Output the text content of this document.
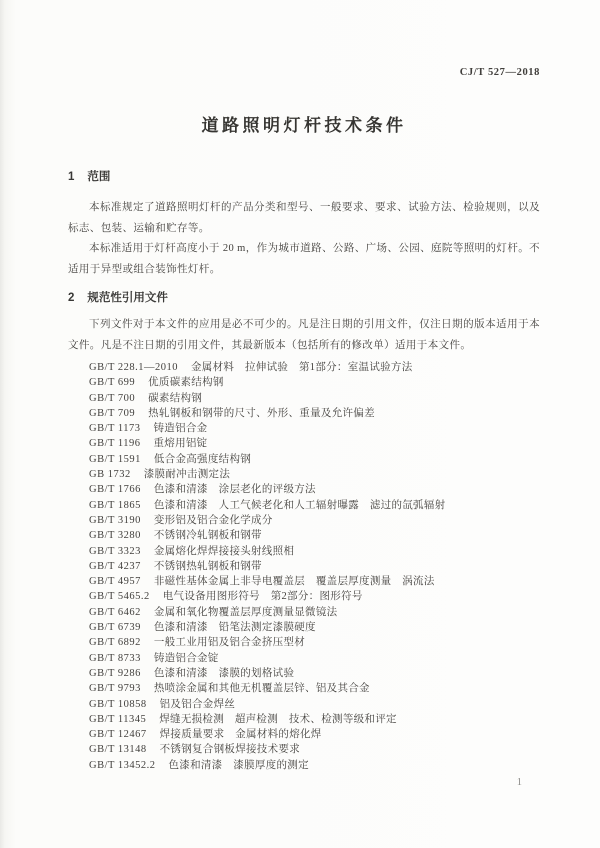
CJ/T 527—2018
道路照明灯杆技术条件
1 范围

本标准规定了道路照明灯杆的产品分类和型号、一般要求、要求、试验方法、检验规则，以及标志、包装、运输和贮存等。

本标准适用于灯杆高度小于 20 m，作为城市道路、公路、广场、公园、庭院等照明的灯杆。不适用于异型或组合装饰性灯杆。

2 规范性引用文件

下列文件对于本文件的应用是必不可少的。凡是注日期的引用文件，仅注日期的版本适用于本文件。凡是不注日期的引用文件，其最新版本（包括所有的修改单）适用于本文件。

GB/T 228.1—2010 金属材料　拉伸试验　第1部分：室温试验方法
GB/T 699 优质碳素结构钢
GB/T 700 碳素结构钢
GB/T 709 热轧钢板和钢带的尺寸、外形、重量及允许偏差
GB/T 1173 铸造铝合金
GB/T 1196 重熔用铝锭
GB/T 1591 低合金高强度结构钢
GB 1732 漆膜耐冲击测定法
GB/T 1766 色漆和清漆　涂层老化的评级方法
GB/T 1865 色漆和清漆　人工气候老化和人工辐射曝露　滤过的氙弧辐射
GB/T 3190 变形铝及铝合金化学成分
GB/T 3280 不锈钢冷轧钢板和钢带
GB/T 3323 金属熔化焊焊接接头射线照相
GB/T 4237 不锈钢热轧钢板和钢带
GB/T 4957 非磁性基体金属上非导电覆盖层　覆盖层厚度测量　涡流法
GB/T 5465.2 电气设备用图形符号　第2部分：图形符号
GB/T 6462 金属和氧化物覆盖层厚度测量显微镜法
GB/T 6739 色漆和清漆　铅笔法测定漆膜硬度
GB/T 6892 一般工业用铝及铝合金挤压型材
GB/T 8733 铸造铝合金锭
GB/T 9286 色漆和清漆　漆膜的划格试验
GB/T 9793 热喷涂金属和其他无机覆盖层锌、铝及其合金
GB/T 10858 铝及铝合金焊丝
GB/T 11345 焊缝无损检测　超声检测　技术、检测等级和评定
GB/T 12467 焊接质量要求　金属材料的熔化焊
GB/T 13148 不锈钢复合钢板焊接技术要求
GB/T 13452.2 色漆和清漆　漆膜厚度的测定
1
